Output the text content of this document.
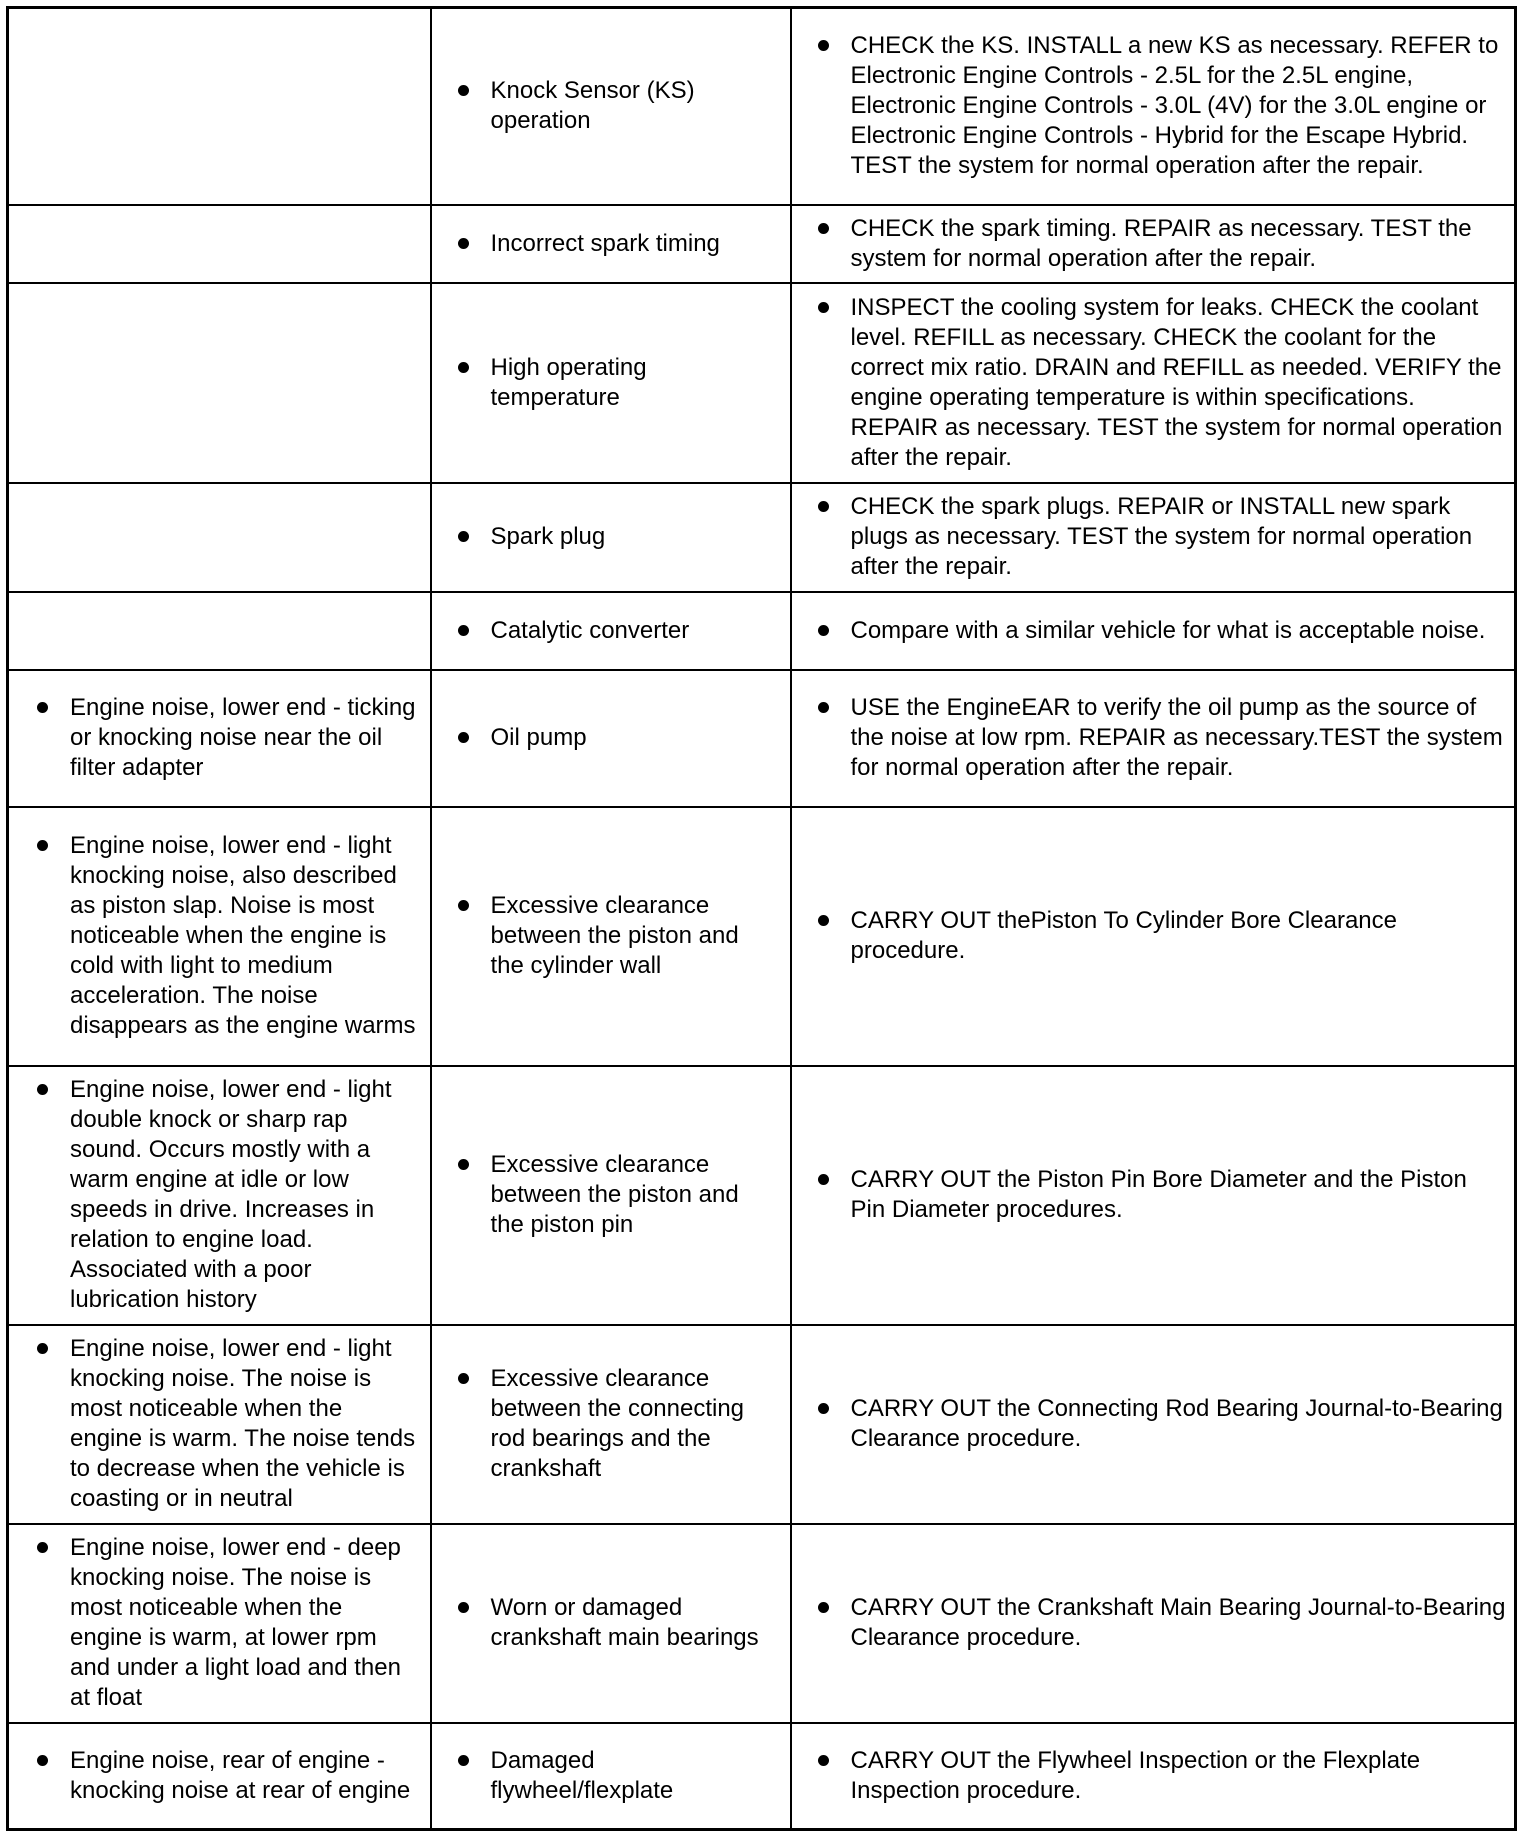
	Knock Sensor (KS) operation	CHECK the KS. INSTALL a new KS as necessary. REFER to Electronic Engine Controls - 2.5L for the 2.5L engine, Electronic Engine Controls - 3.0L (4V) for the 3.0L engine or Electronic Engine Controls - Hybrid for the Escape Hybrid. TEST the system for normal operation after the repair.

	Incorrect spark timing	CHECK the spark timing. REPAIR as necessary. TEST the system for normal operation after the repair.

	High operating temperature	INSPECT the cooling system for leaks. CHECK the coolant level. REFILL as necessary. CHECK the coolant for the correct mix ratio. DRAIN and REFILL as needed. VERIFY the engine operating temperature is within specifications. REPAIR as necessary. TEST the system for normal operation after the repair.

	Spark plug	CHECK the spark plugs. REPAIR or INSTALL new spark plugs as necessary. TEST the system for normal operation after the repair.

	Catalytic converter	Compare with a similar vehicle for what is acceptable noise.

Engine noise, lower end - ticking or knocking noise near the oil filter adapter	Oil pump	USE the EngineEAR to verify the oil pump as the source of the noise at low rpm. REPAIR as necessary.TEST the system for normal operation after the repair.

Engine noise, lower end - light knocking noise, also described as piston slap. Noise is most noticeable when the engine is cold with light to medium acceleration. The noise disappears as the engine warms	Excessive clearance between the piston and the cylinder wall	CARRY OUT thePiston To Cylinder Bore Clearance procedure.

Engine noise, lower end - light double knock or sharp rap sound. Occurs mostly with a warm engine at idle or low speeds in drive. Increases in relation to engine load. Associated with a poor lubrication history	Excessive clearance between the piston and the piston pin	CARRY OUT the Piston Pin Bore Diameter and the Piston Pin Diameter procedures.

Engine noise, lower end - light knocking noise. The noise is most noticeable when the engine is warm. The noise tends to decrease when the vehicle is coasting or in neutral	Excessive clearance between the connecting rod bearings and the crankshaft	CARRY OUT the Connecting Rod Bearing Journal-to-Bearing Clearance procedure.

Engine noise, lower end - deep knocking noise. The noise is most noticeable when the engine is warm, at lower rpm and under a light load and then at float	Worn or damaged crankshaft main bearings	CARRY OUT the Crankshaft Main Bearing Journal-to-Bearing Clearance procedure.

Engine noise, rear of engine - knocking noise at rear of engine	Damaged flywheel/flexplate	CARRY OUT the Flywheel Inspection or the Flexplate Inspection procedure.
